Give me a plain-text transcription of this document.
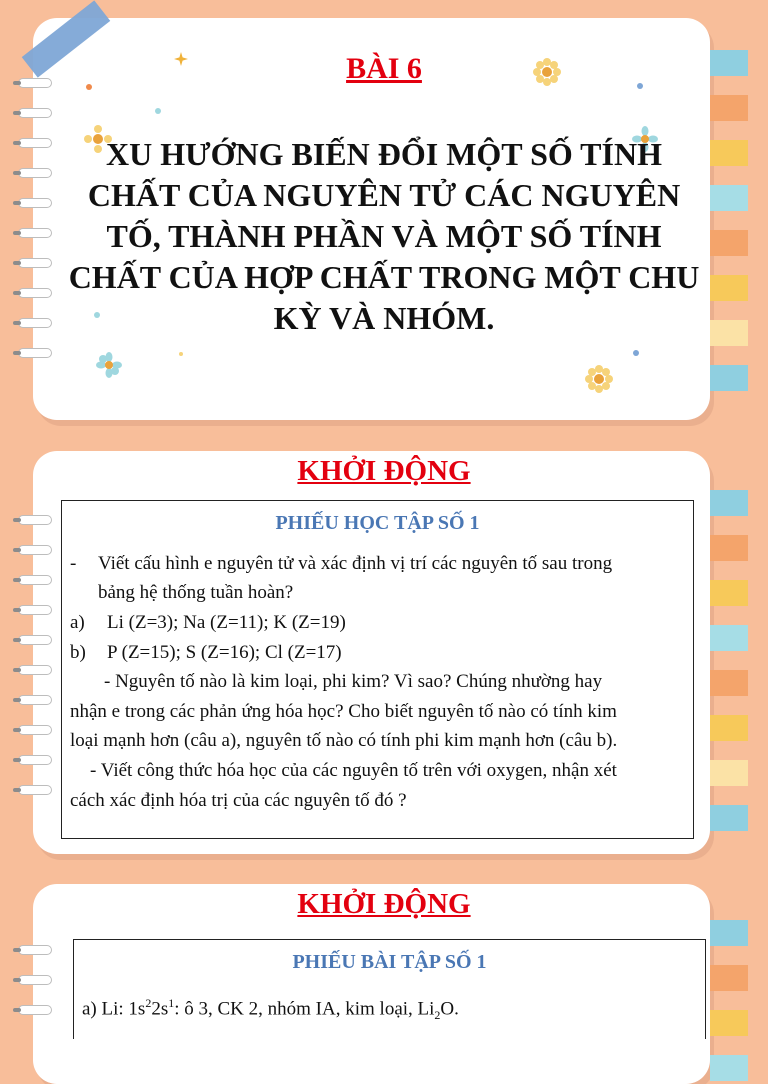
BÀI 6
XU HƯỚNG BIẾN ĐỔI MỘT SỐ TÍNH
CHẤT CỦA NGUYÊN TỬ CÁC NGUYÊN
TỐ, THÀNH PHẦN VÀ MỘT SỐ TÍNH
CHẤT CỦA HỢP CHẤT TRONG MỘT CHU
KỲ VÀ NHÓM.
KHỞI ĐỘNG
PHIẾU HỌC TẬP SỐ 1
- Viết cấu hình e nguyên tử và xác định vị trí các nguyên tố sau trong
bảng hệ thống tuần hoàn?
a) Li (Z=3); Na (Z=11); K (Z=19)
b) P (Z=15); S (Z=16); Cl (Z=17)
- Nguyên tố nào là kim loại, phi kim? Vì sao? Chúng nhường hay
nhận e trong các phản ứng hóa học? Cho biết nguyên tố nào có tính kim
loại mạnh hơn (câu a), nguyên tố nào có tính phi kim mạnh hơn (câu b).
- Viết công thức hóa học của các nguyên tố trên với oxygen, nhận xét
cách xác định hóa trị của các nguyên tố đó ?
KHỞI ĐỘNG
PHIẾU BÀI TẬP SỐ 1
a) Li: $1s^22s^1$: ô 3, CK 2, nhóm IA, kim loại, $Li_2O$.
